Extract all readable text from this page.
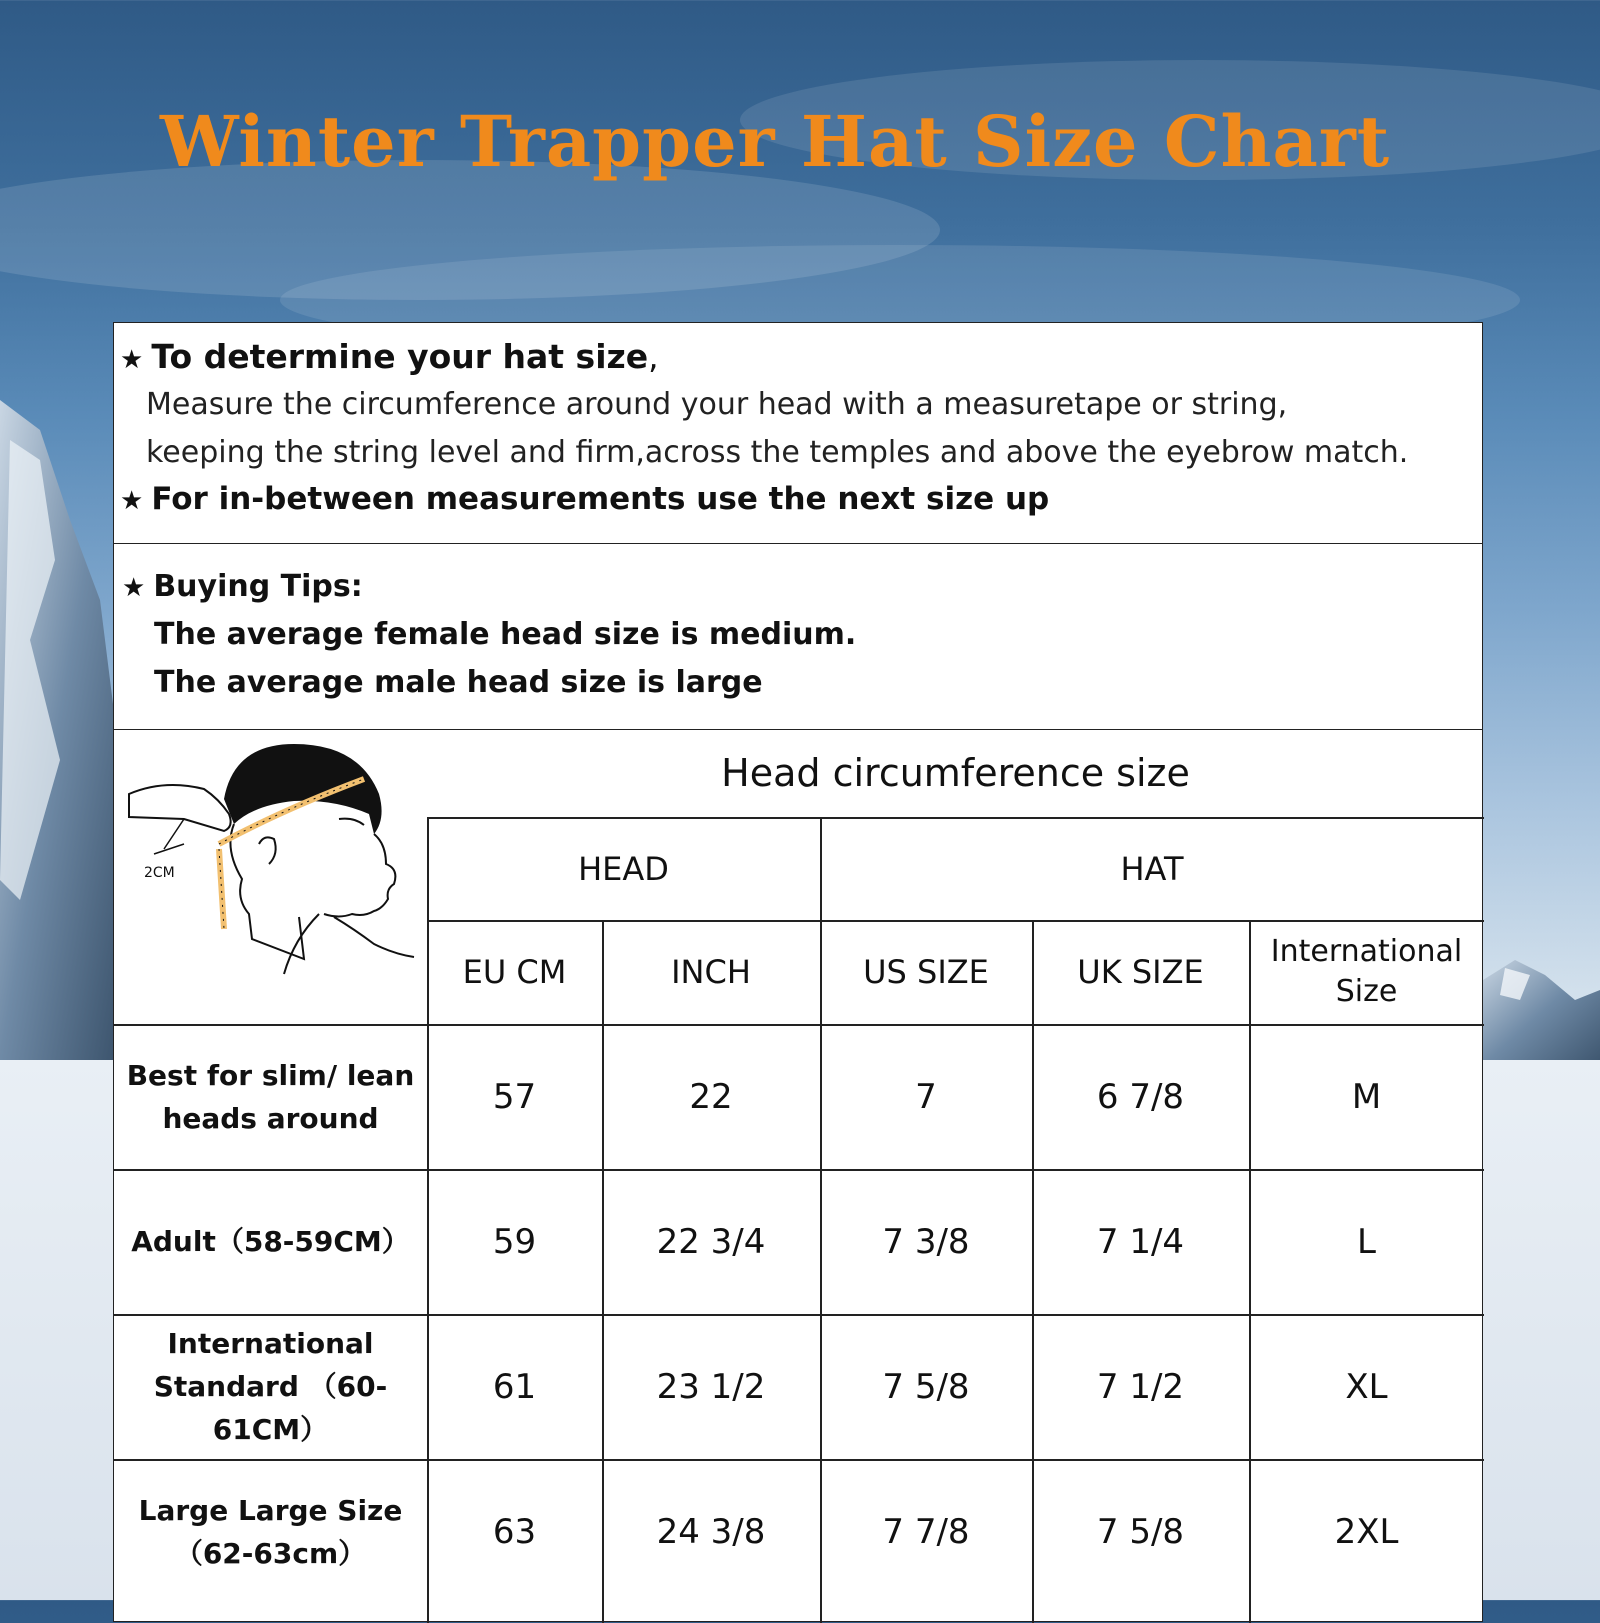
Winter Trapper Hat Size Chart
★ To determine your hat size,
Measure the circumference around your head with a measuretape or string,
keeping the string level and firm,across the temples and above the eyebrow match.
★ For in-between measurements use the next size up
★ Buying Tips:
The average female head size is medium.
The average male head size is large
2CM
Head circumference size
HEAD	HAT
EU CM	INCH	US SIZE	UK SIZE
International Size
Best for slim/ lean heads around
57	22	7	6 7/8	M
Adult（58-59CM）	59	22 3/4	7 3/8	7 1/4	L
International Standard （60-61CM）
61	23 1/2	7 5/8	7 1/2	XL
Large Large Size （62-63cm）
63	24 3/8	7 7/8	7 5/8	2XL
